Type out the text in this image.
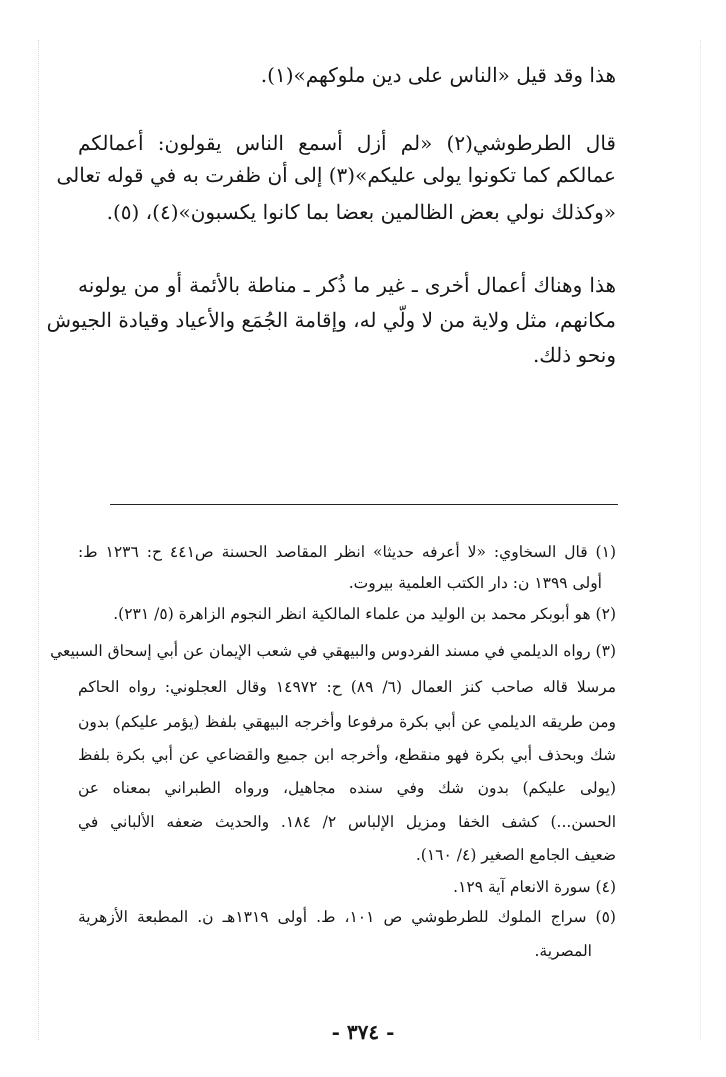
هذا وقد قيل «الناس على دين ملوكهم»(١).
قال الطرطوشي(٢) «لم أزل أسمع الناس يقولون: أعمالكم
عمالكم كما تكونوا يولى عليكم»(٣) إلى أن ظفرت به في قوله تعالى
«وكذلك نولي بعض الظالمين بعضا بما كانوا يكسبون»(٤)، (٥).
هذا وهناك أعمال أخرى ـ غير ما ذُكر ـ مناطة بالأئمة أو من يولونه
مكانهم، مثل ولاية من لا ولّي له، وإقامة الجُمَع والأعياد وقيادة الجيوش
ونحو ذلك.
(١) قال السخاوي: «لا أعرفه حديثا» انظر المقاصد الحسنة ص٤٤١ ح: ١٢٣٦ ط:
أولى ١٣٩٩ ن: دار الكتب العلمية بيروت.
(٢) هو أبوبكر محمد بن الوليد من علماء المالكية انظر النجوم الزاهرة (٥/ ٢٣١).
(٣) رواه الديلمي في مسند الفردوس والبيهقي في شعب الإيمان عن أبي إسحاق السبيعي
مرسلا قاله صاحب كنز العمال (٦/ ٨٩) ح: ١٤٩٧٢ وقال العجلوني: رواه الحاكم
ومن طريقه الديلمي عن أبي بكرة مرفوعا وأخرجه البيهقي بلفظ (يؤمر عليكم) بدون
شك وبحذف أبي بكرة فهو منقطع، وأخرجه ابن جميع والقضاعي عن أبي بكرة بلفظ
(يولى عليكم) بدون شك وفي سنده مجاهيل، ورواه الطبراني بمعناه عن
الحسن...) كشف الخفا ومزيل الإلباس ٢/ ١٨٤. والحديث ضعفه الألباني في
ضعيف الجامع الصغير (٤/ ١٦٠).
(٤) سورة الانعام آية ١٢٩.
(٥) سراج الملوك للطرطوشي ص ١٠١، ط. أولى ١٣١٩هـ ن. المطبعة الأزهرية
المصرية.
- ٣٧٤ -
